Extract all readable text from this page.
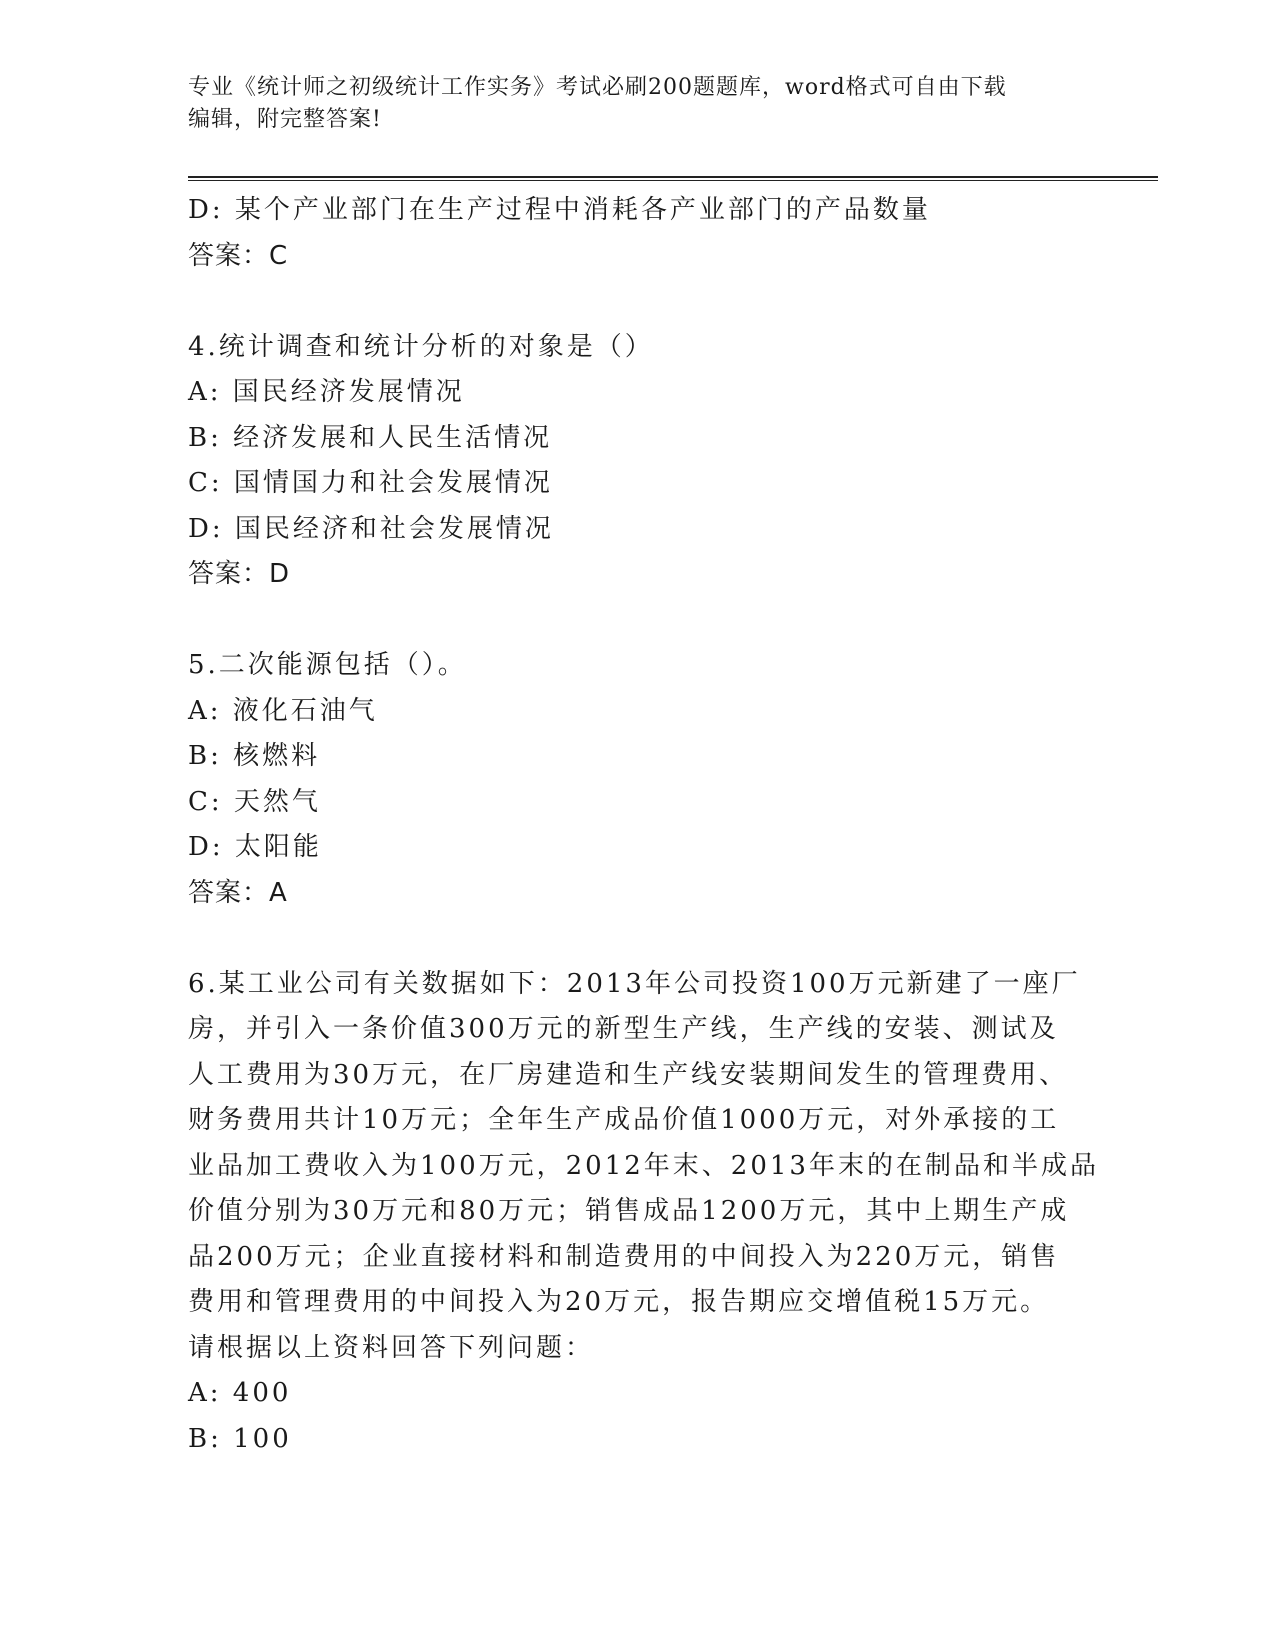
专业《统计师之初级统计工作实务》考试必刷200题题库，word格式可自由下载
编辑，附完整答案!
D: 某个产业部门在生产过程中消耗各产业部门的产品数量
答案：C
4.统计调查和统计分析的对象是（）
A: 国民经济发展情况
B: 经济发展和人民生活情况
C: 国情国力和社会发展情况
D: 国民经济和社会发展情况
答案：D
5.二次能源包括（）。
A: 液化石油气
B: 核燃料
C: 天然气
D: 太阳能
答案：A
6.某工业公司有关数据如下：2013年公司投资100万元新建了一座厂
房，并引入一条价值300万元的新型生产线，生产线的安装、测试及
人工费用为30万元，在厂房建造和生产线安装期间发生的管理费用、
财务费用共计10万元；全年生产成品价值1000万元，对外承接的工
业品加工费收入为100万元，2012年末、2013年末的在制品和半成品
价值分别为30万元和80万元；销售成品1200万元，其中上期生产成
品200万元；企业直接材料和制造费用的中间投入为220万元，销售
费用和管理费用的中间投入为20万元，报告期应交增值税15万元。
请根据以上资料回答下列问题：
A: 400
B: 100
